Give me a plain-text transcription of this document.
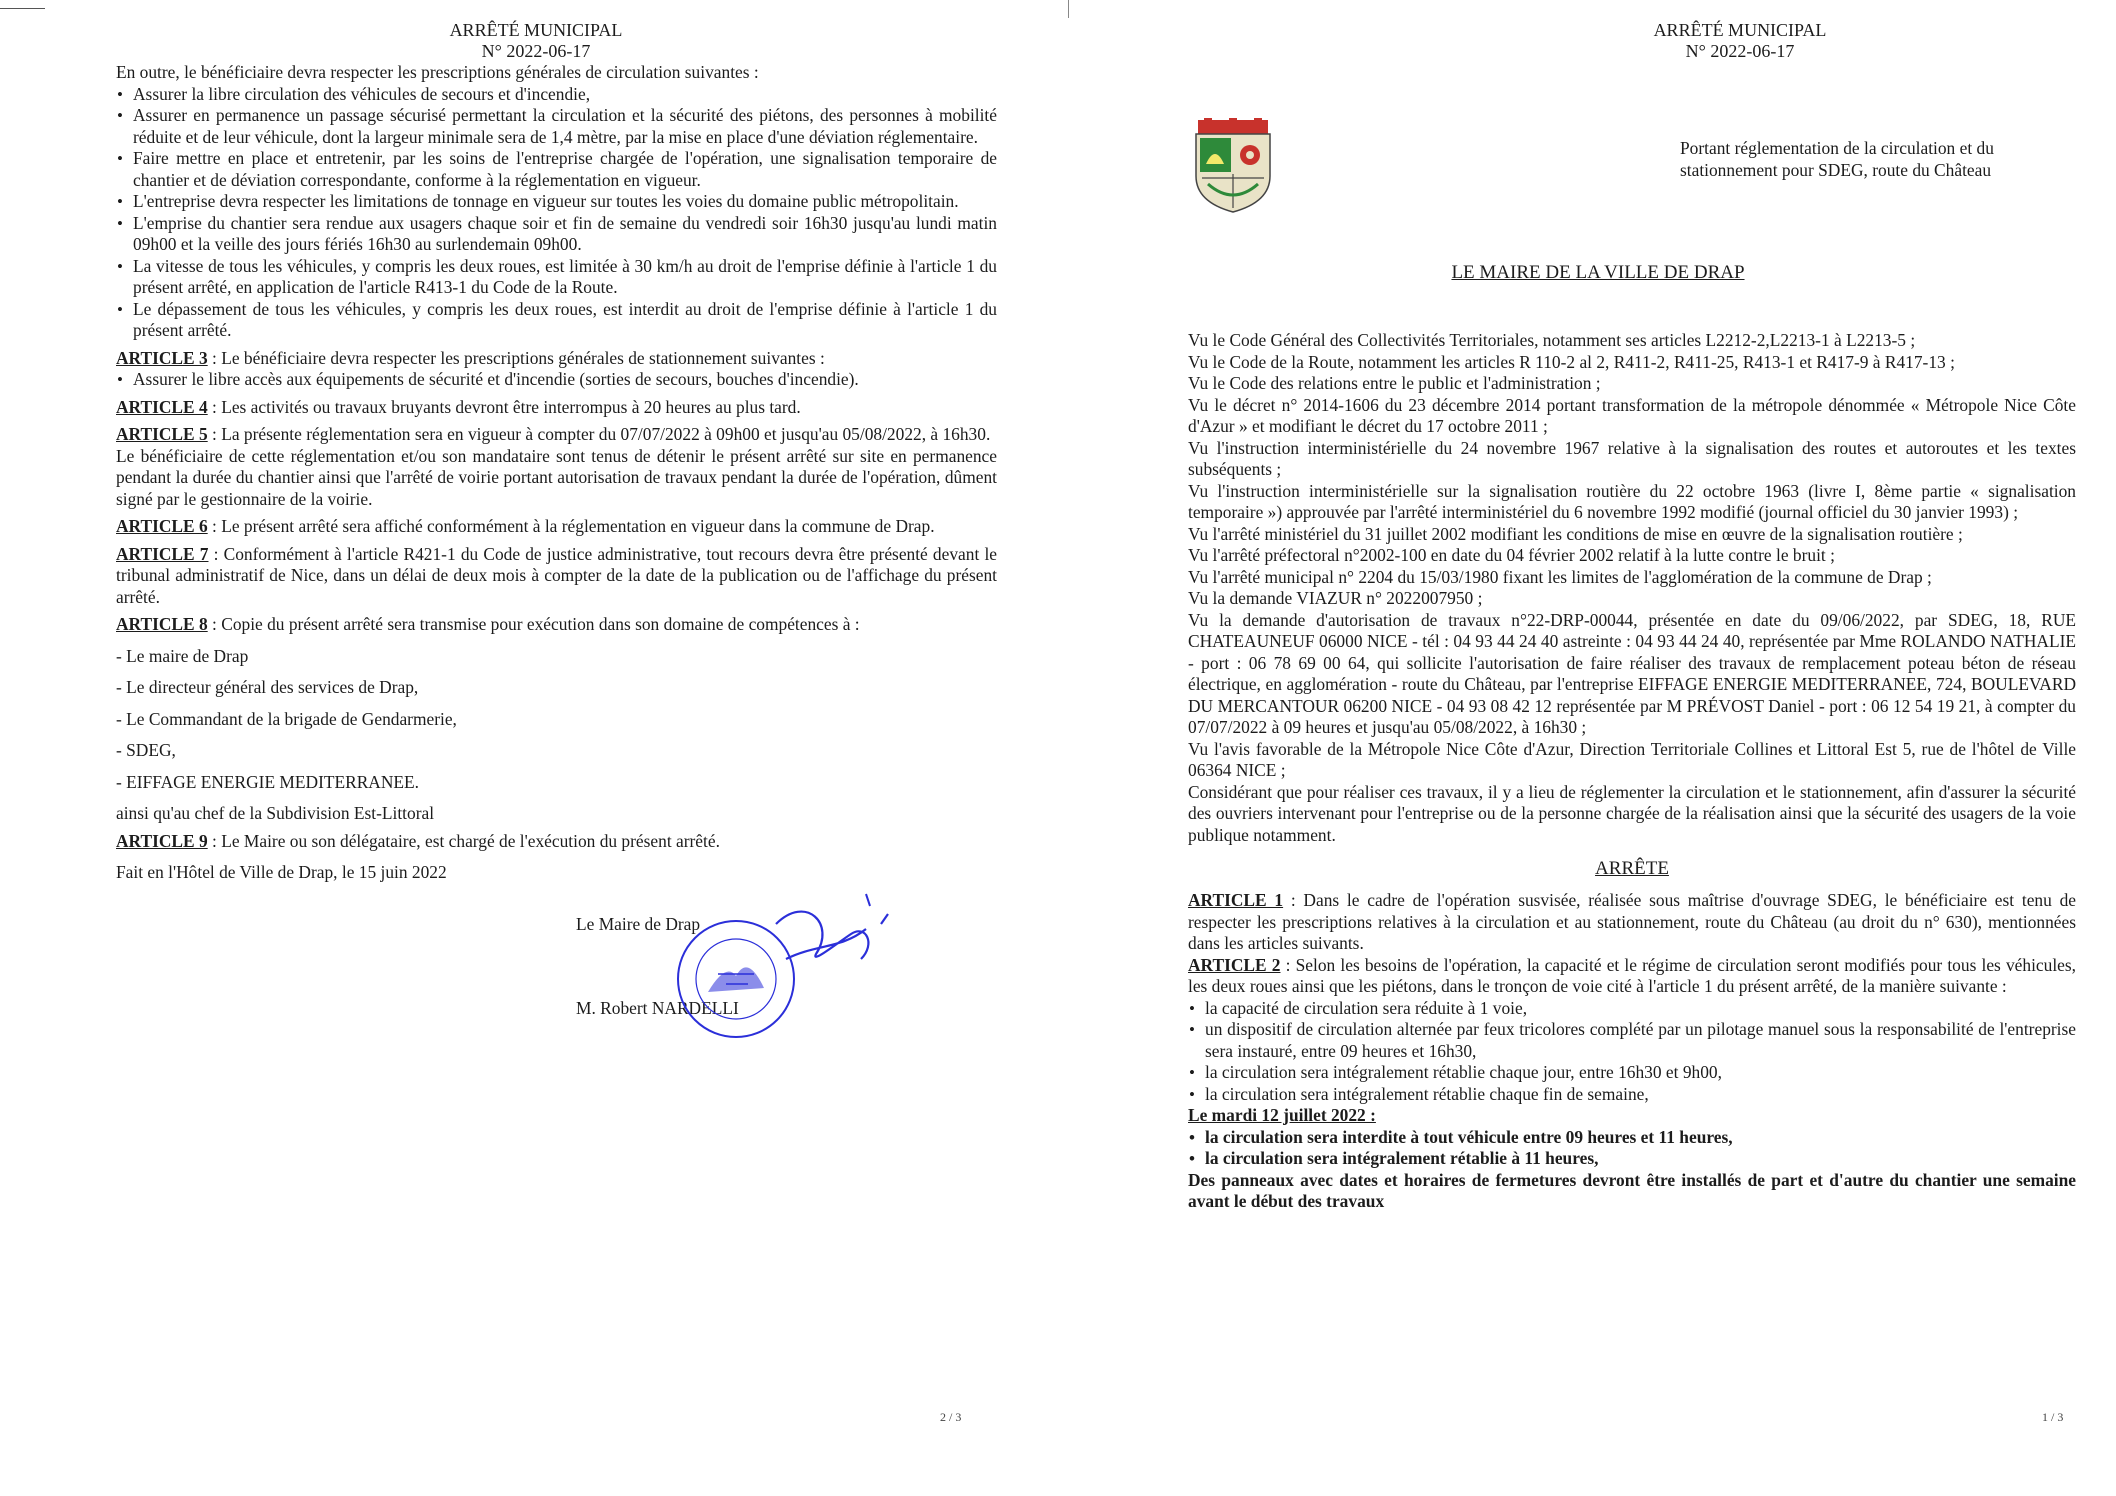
ARRÊTÉ MUNICIPAL
N° 2022-06-17

En outre, le bénéficiaire devra respecter les prescriptions générales de circulation suivantes :

• Assurer la libre circulation des véhicules de secours et d'incendie,
• Assurer en permanence un passage sécurisé permettant la circulation et la sécurité des piétons, des personnes à mobilité réduite et de leur véhicule, dont la largeur minimale sera de 1,4 mètre, par la mise en place d'une déviation réglementaire.
• Faire mettre en place et entretenir, par les soins de l'entreprise chargée de l'opération, une signalisation temporaire de chantier et de déviation correspondante, conforme à la réglementation en vigueur.
• L'entreprise devra respecter les limitations de tonnage en vigueur sur toutes les voies du domaine public métropolitain.
• L'emprise du chantier sera rendue aux usagers chaque soir et fin de semaine du vendredi soir 16h30 jusqu'au lundi matin 09h00 et la veille des jours fériés 16h30 au surlendemain 09h00.
• La vitesse de tous les véhicules, y compris les deux roues, est limitée à 30 km/h au droit de l'emprise définie à l'article 1 du présent arrêté, en application de l'article R413-1 du Code de la Route.
• Le dépassement de tous les véhicules, y compris les deux roues, est interdit au droit de l'emprise définie à l'article 1 du présent arrêté.

ARTICLE 3 : Le bénéficiaire devra respecter les prescriptions générales de stationnement suivantes :

• Assurer le libre accès aux équipements de sécurité et d'incendie (sorties de secours, bouches d'incendie).

ARTICLE 4 : Les activités ou travaux bruyants devront être interrompus à 20 heures au plus tard.

ARTICLE 5 : La présente réglementation sera en vigueur à compter du 07/07/2022 à 09h00 et jusqu'au 05/08/2022, à 16h30.

Le bénéficiaire de cette réglementation et/ou son mandataire sont tenus de détenir le présent arrêté sur site en permanence pendant la durée du chantier ainsi que l'arrêté de voirie portant autorisation de travaux pendant la durée de l'opération, dûment signé par le gestionnaire de la voirie.

ARTICLE 6 : Le présent arrêté sera affiché conformément à la réglementation en vigueur dans la commune de Drap.

ARTICLE 7 : Conformément à l'article R421-1 du Code de justice administrative, tout recours devra être présenté devant le tribunal administratif de Nice, dans un délai de deux mois à compter de la date de la publication ou de l'affichage du présent arrêté.

ARTICLE 8 : Copie du présent arrêté sera transmise pour exécution dans son domaine de compétences à :

- Le maire de Drap

- Le directeur général des services de Drap,

- Le Commandant de la brigade de Gendarmerie,

- SDEG,

- EIFFAGE ENERGIE MEDITERRANEE.

ainsi qu'au chef de la Subdivision Est-Littoral

ARTICLE 9 : Le Maire ou son délégataire, est chargé de l'exécution du présent arrêté.

Fait en l'Hôtel de Ville de Drap, le 15 juin 2022

Le Maire de Drap
M. Robert NARDELLI
2 / 3
ARRÊTÉ MUNICIPAL
N° 2022-06-17
Portant réglementation de la circulation et du stationnement pour SDEG, route du Château
LE MAIRE DE LA VILLE DE DRAP

Vu le Code Général des Collectivités Territoriales, notamment ses articles L2212-2,L2213-1 à L2213-5 ;

Vu le Code de la Route, notamment les articles R 110-2 al 2, R411-2, R411-25, R413-1 et R417-9 à R417-13 ;

Vu le Code des relations entre le public et l'administration ;

Vu le décret n° 2014-1606 du 23 décembre 2014 portant transformation de la métropole dénommée « Métropole Nice Côte d'Azur » et modifiant le décret du 17 octobre 2011 ;

Vu l'instruction interministérielle du 24 novembre 1967 relative à la signalisation des routes et autoroutes et les textes subséquents ;

Vu l'instruction interministérielle sur la signalisation routière du 22 octobre 1963 (livre I, 8ème partie « signalisation temporaire ») approuvée par l'arrêté interministériel du 6 novembre 1992 modifié (journal officiel du 30 janvier 1993) ;

Vu l'arrêté ministériel du 31 juillet 2002 modifiant les conditions de mise en œuvre de la signalisation routière ;

Vu l'arrêté préfectoral n°2002-100 en date du 04 février 2002 relatif à la lutte contre le bruit ;

Vu l'arrêté municipal n° 2204 du 15/03/1980 fixant les limites de l'agglomération de la commune de Drap ;

Vu la demande VIAZUR n° 2022007950 ;

Vu la demande d'autorisation de travaux n°22-DRP-00044, présentée en date du 09/06/2022, par SDEG, 18, RUE CHATEAUNEUF 06000 NICE - tél : 04 93 44 24 40 astreinte : 04 93 44 24 40, représentée par Mme ROLANDO NATHALIE - port : 06 78 69 00 64, qui sollicite l'autorisation de faire réaliser des travaux de remplacement poteau béton de réseau électrique, en agglomération - route du Château, par l'entreprise EIFFAGE ENERGIE MEDITERRANEE, 724, BOULEVARD DU MERCANTOUR 06200 NICE - 04 93 08 42 12 représentée par M PRÉVOST Daniel - port : 06 12 54 19 21, à compter du 07/07/2022 à 09 heures et jusqu'au 05/08/2022, à 16h30 ;

Vu l'avis favorable de la Métropole Nice Côte d'Azur, Direction Territoriale Collines et Littoral Est 5, rue de l'hôtel de Ville 06364 NICE ;

Considérant que pour réaliser ces travaux, il y a lieu de réglementer la circulation et le stationnement, afin d'assurer la sécurité des ouvriers intervenant pour l'entreprise ou de la personne chargée de la réalisation ainsi que la sécurité des usagers de la voie publique notamment.

ARRÊTE

ARTICLE 1 : Dans le cadre de l'opération susvisée, réalisée sous maîtrise d'ouvrage SDEG, le bénéficiaire est tenu de respecter les prescriptions relatives à la circulation et au stationnement, route du Château (au droit du n° 630), mentionnées dans les articles suivants.

ARTICLE 2 : Selon les besoins de l'opération, la capacité et le régime de circulation seront modifiés pour tous les véhicules, les deux roues ainsi que les piétons, dans le tronçon de voie cité à l'article 1 du présent arrêté, de la manière suivante :

• la capacité de circulation sera réduite à 1 voie,
• un dispositif de circulation alternée par feux tricolores complété par un pilotage manuel sous la responsabilité de l'entreprise sera instauré, entre 09 heures et 16h30,
• la circulation sera intégralement rétablie chaque jour, entre 16h30 et 9h00,
• la circulation sera intégralement rétablie chaque fin de semaine,

Le mardi 12 juillet 2022 :

• la circulation sera interdite à tout véhicule entre 09 heures et 11 heures,
• la circulation sera intégralement rétablie à 11 heures,

Des panneaux avec dates et horaires de fermetures devront être installés de part et d'autre du chantier une semaine avant le début des travaux

1 / 3
